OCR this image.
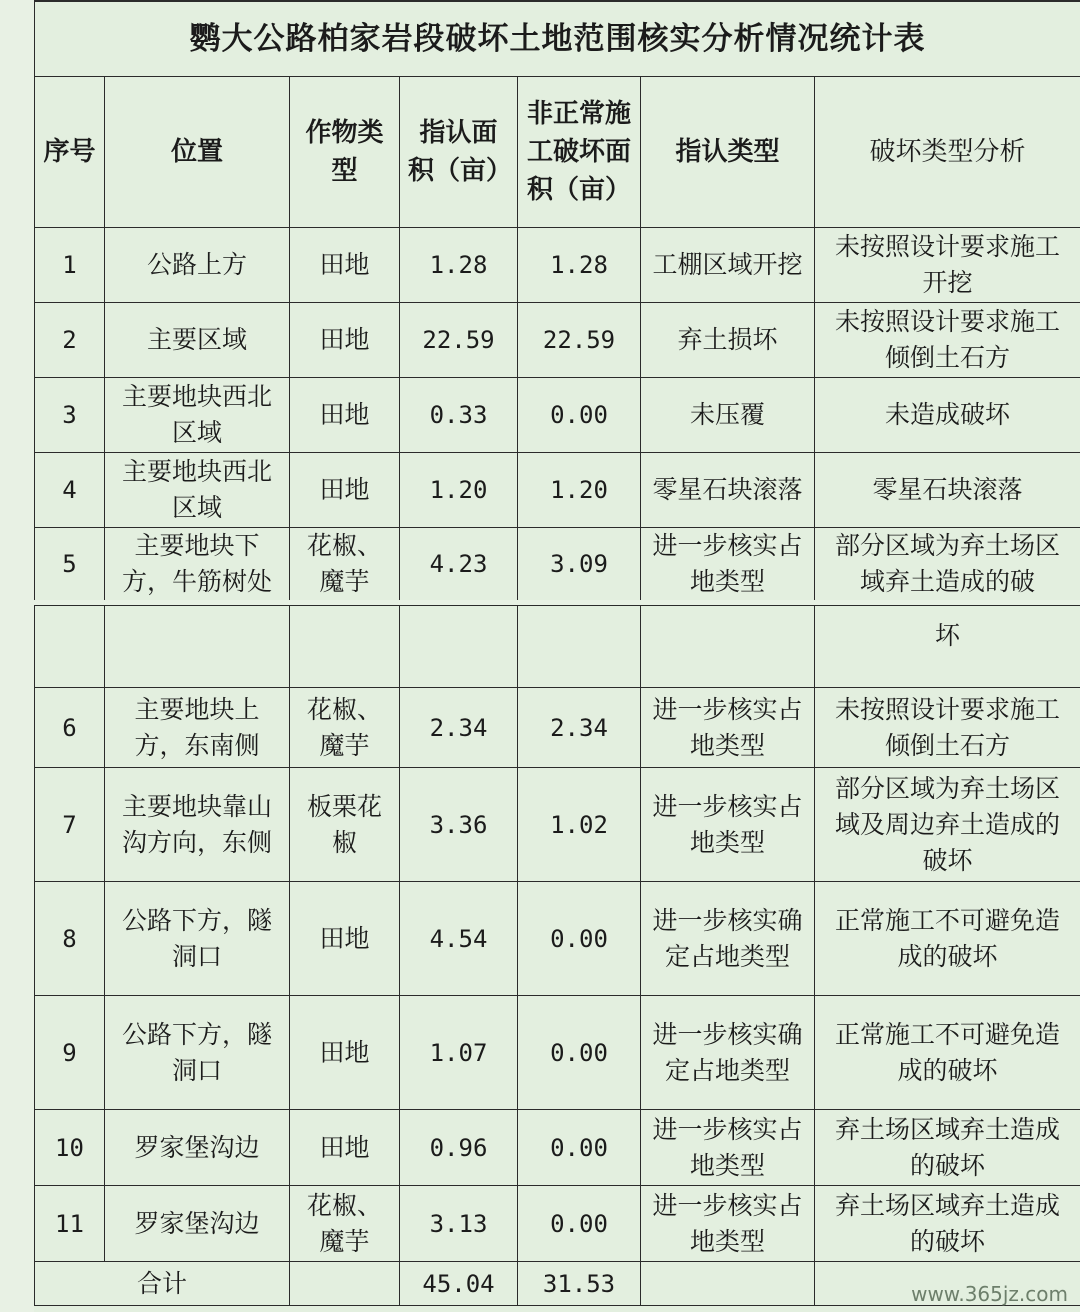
鹦大公路柏家岩段破坏土地范围核实分析情况统计表						
序号	位置	作物类型	指认面积（亩）	非正常施工破坏面积（亩）	指认类型	破坏类型分析
1	公路上方	田地	1.28	1.28	工棚区域开挖	未按照设计要求施工开挖
2	主要区域	田地	22.59	22.59	弃土损坏	未按照设计要求施工倾倒土石方
3	主要地块西北区域	田地	0.33	0.00	未压覆	未造成破坏
4	主要地块西北区域	田地	1.20	1.20	零星石块滚落	零星石块滚落
5	主要地块下方，牛筋树处	花椒、魔芋	4.23	3.09	进一步核实占地类型	部分区域为弃土场区域弃土造成的破
						坏
6	主要地块上方，东南侧	花椒、魔芋	2.34	2.34	进一步核实占地类型	未按照设计要求施工倾倒土石方
7	主要地块靠山沟方向，东侧	板栗花椒	3.36	1.02	进一步核实占地类型	部分区域为弃土场区域及周边弃土造成的破坏
8	公路下方，隧洞口	田地	4.54	0.00	进一步核实确定占地类型	正常施工不可避免造成的破坏
9	公路下方，隧洞口	田地	1.07	0.00	进一步核实确定占地类型	正常施工不可避免造成的破坏
10	罗家堡沟边	田地	0.96	0.00	进一步核实占地类型	弃土场区域弃土造成的破坏
11	罗家堡沟边	花椒、魔芋	3.13	0.00	进一步核实占地类型	弃土场区域弃土造成的破坏
合计			45.04	31.53			www.365jz.com
